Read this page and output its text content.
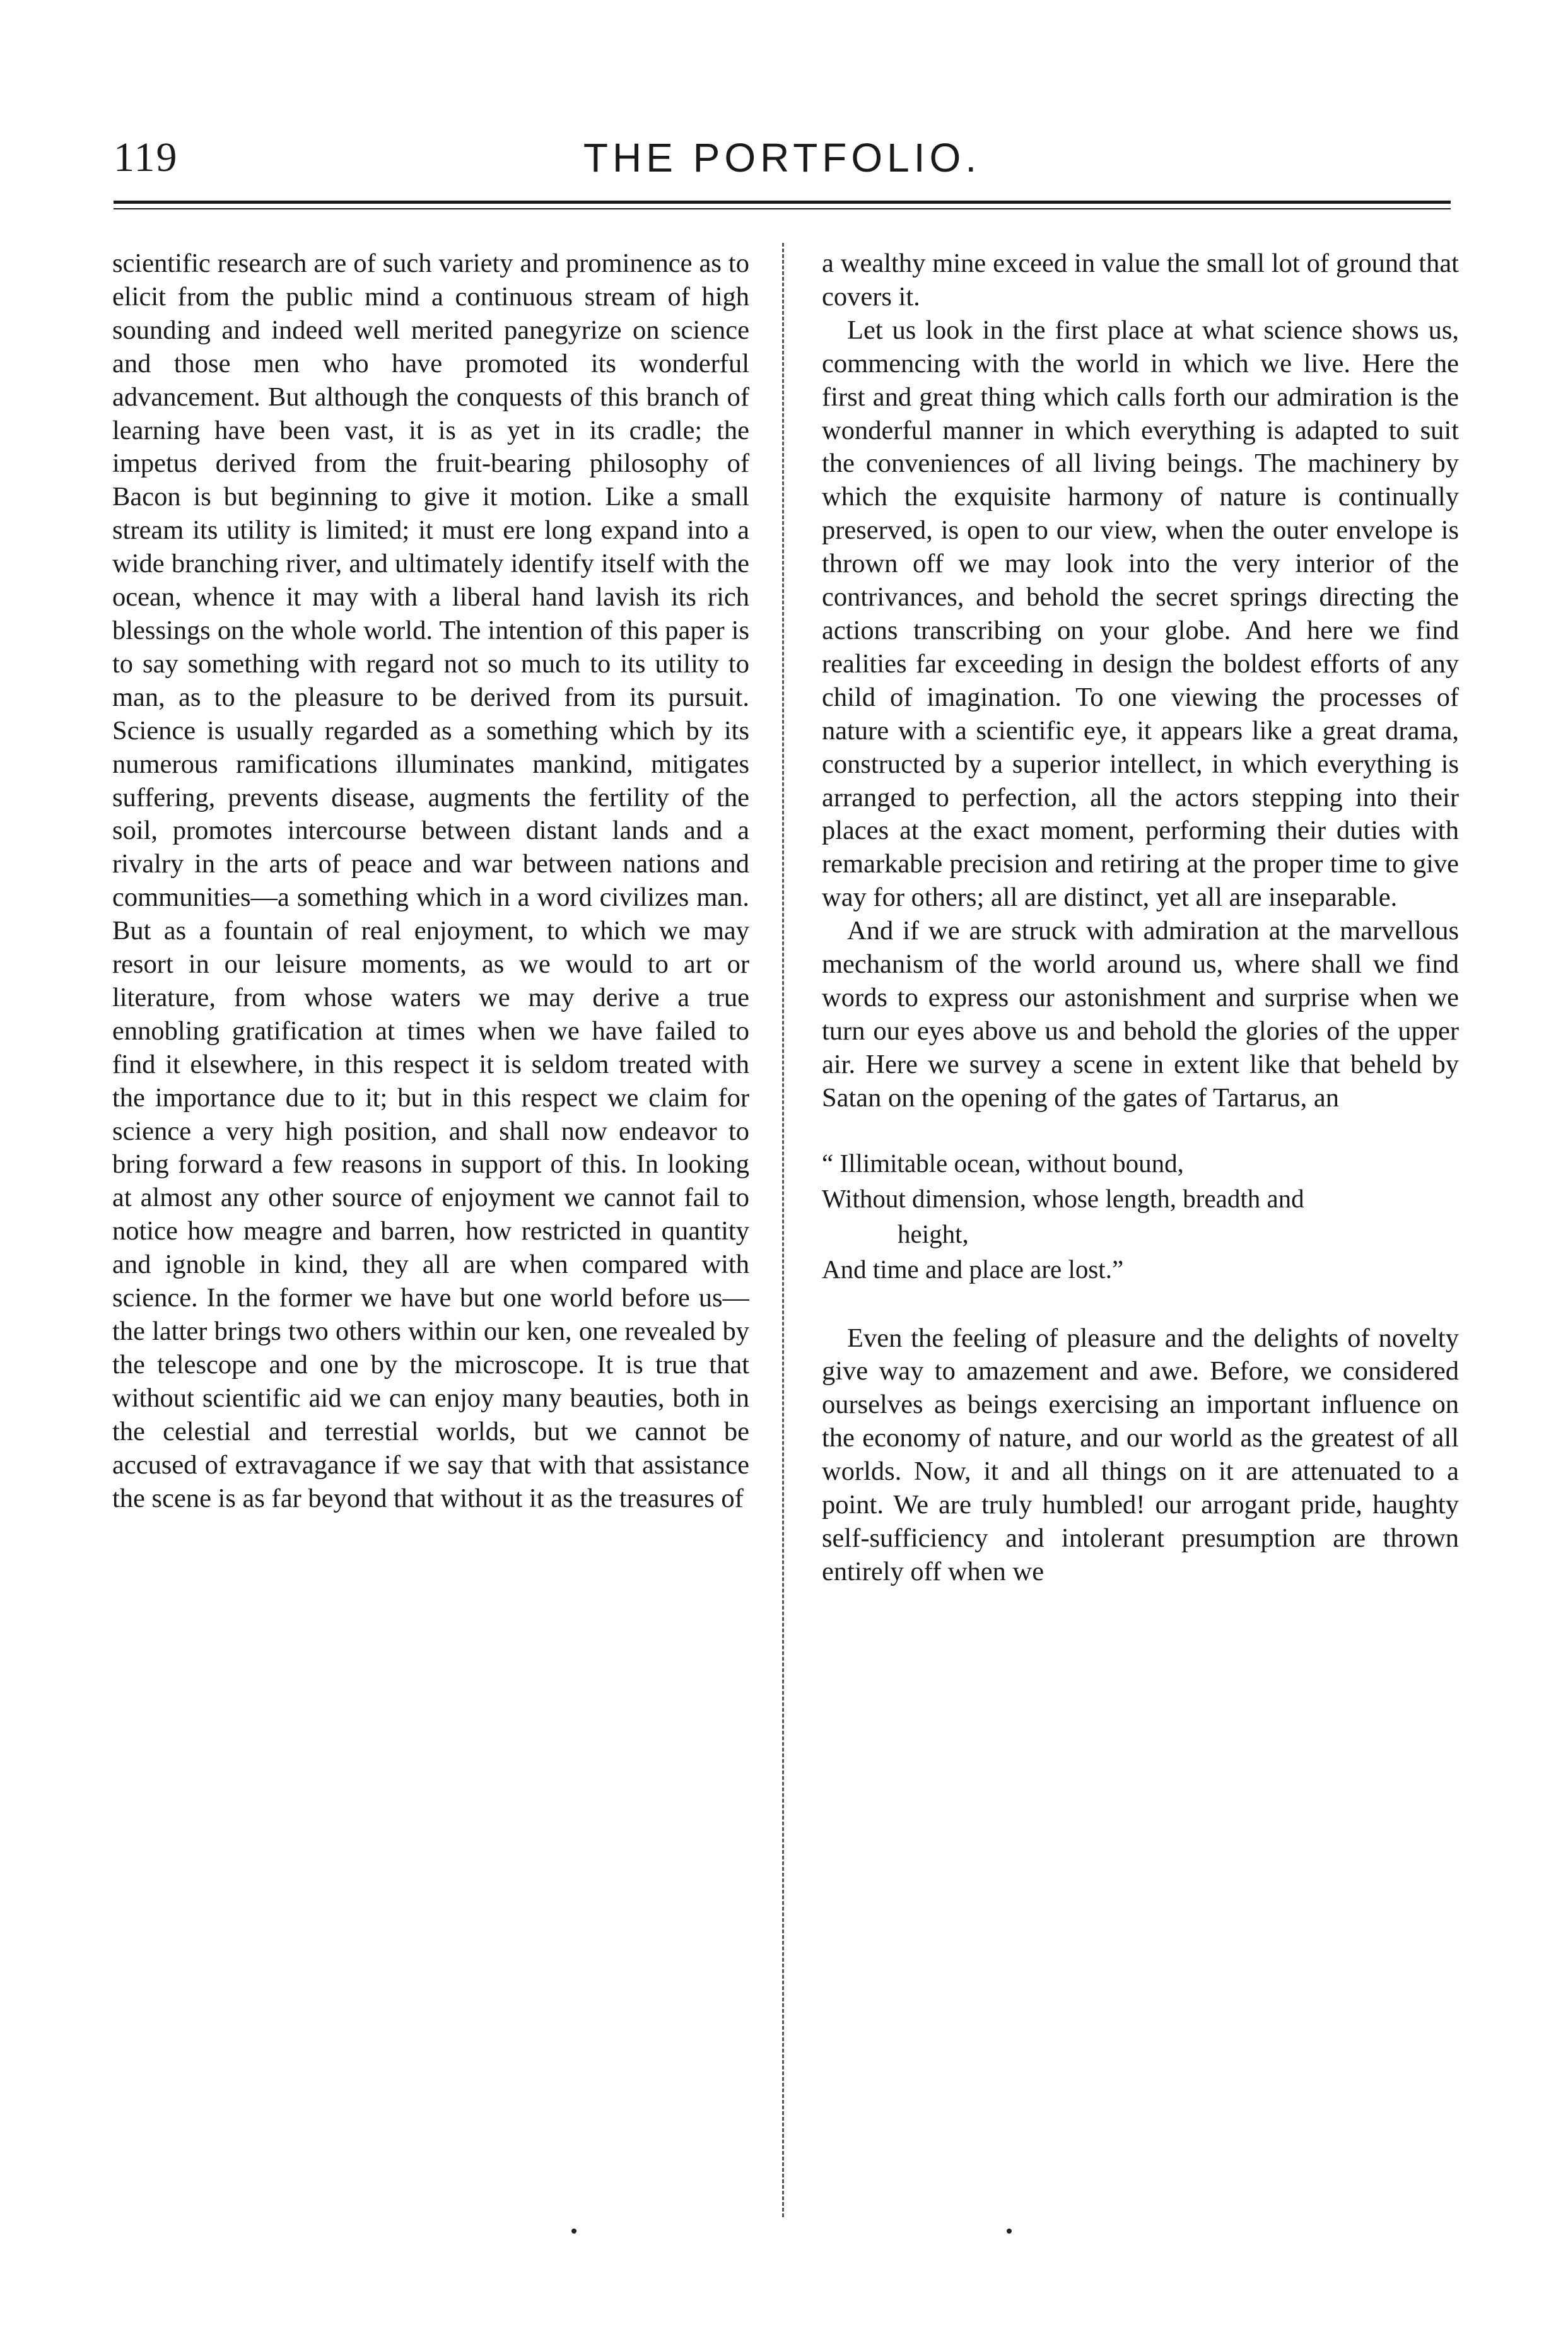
119	THE PORTFOLIO.

scientific research are of such variety and prominence as to elicit from the public mind a continuous stream of high sounding and indeed well merited panegyrize on science and those men who have promoted its wonderful advancement. But although the conquests of this branch of learning have been vast, it is as yet in its cradle; the impetus derived from the fruit-bearing philosophy of Bacon is but beginning to give it motion. Like a small stream its utility is limited; it must ere long expand into a wide branching river, and ultimately identify itself with the ocean, whence it may with a liberal hand lavish its rich blessings on the whole world. The intention of this paper is to say something with regard not so much to its utility to man, as to the pleasure to be derived from its pursuit. Science is usually regarded as a something which by its numerous ramifications illuminates mankind, mitigates suffering, prevents disease, augments the fertility of the soil, promotes intercourse between distant lands and a rivalry in the arts of peace and war between nations and communities—a something which in a word civilizes man. But as a fountain of real enjoyment, to which we may resort in our leisure moments, as we would to art or literature, from whose waters we may derive a true ennobling gratification at times when we have failed to find it elsewhere, in this respect it is seldom treated with the importance due to it; but in this respect we claim for science a very high position, and shall now endeavor to bring forward a few reasons in support of this. In looking at almost any other source of enjoyment we cannot fail to notice how meagre and barren, how restricted in quantity and ignoble in kind, they all are when compared with science. In the former we have but one world before us—the latter brings two others within our ken, one revealed by the telescope and one by the microscope. It is true that without scientific aid we can enjoy many beauties, both in the celestial and terrestial worlds, but we cannot be accused of extravagance if we say that with that assistance the scene is as far beyond that without it as the treasures of

a wealthy mine exceed in value the small lot of ground that covers it.

Let us look in the first place at what science shows us, commencing with the world in which we live. Here the first and great thing which calls forth our admiration is the wonderful manner in which everything is adapted to suit the conveniences of all living beings. The machinery by which the exquisite harmony of nature is continually preserved, is open to our view, when the outer envelope is thrown off we may look into the very interior of the contrivances, and behold the secret springs directing the actions transcribing on your globe. And here we find realities far exceeding in design the boldest efforts of any child of imagination. To one viewing the processes of nature with a scientific eye, it appears like a great drama, constructed by a superior intellect, in which everything is arranged to perfection, all the actors stepping into their places at the exact moment, performing their duties with remarkable precision and retiring at the proper time to give way for others; all are distinct, yet all are inseparable.

And if we are struck with admiration at the marvellous mechanism of the world around us, where shall we find words to express our astonishment and surprise when we turn our eyes above us and behold the glories of the upper air. Here we survey a scene in extent like that beheld by Satan on the opening of the gates of Tartarus, an

“ Illimitable ocean, without bound,
Without dimension, whose length, breadth and
height,
And time and place are lost.”

Even the feeling of pleasure and the delights of novelty give way to amazement and awe. Before, we considered ourselves as beings exercising an important influence on the economy of nature, and our world as the greatest of all worlds. Now, it and all things on it are attenuated to a point. We are truly humbled! our arrogant pride, haughty self-sufficiency and intolerant presumption are thrown entirely off when we
